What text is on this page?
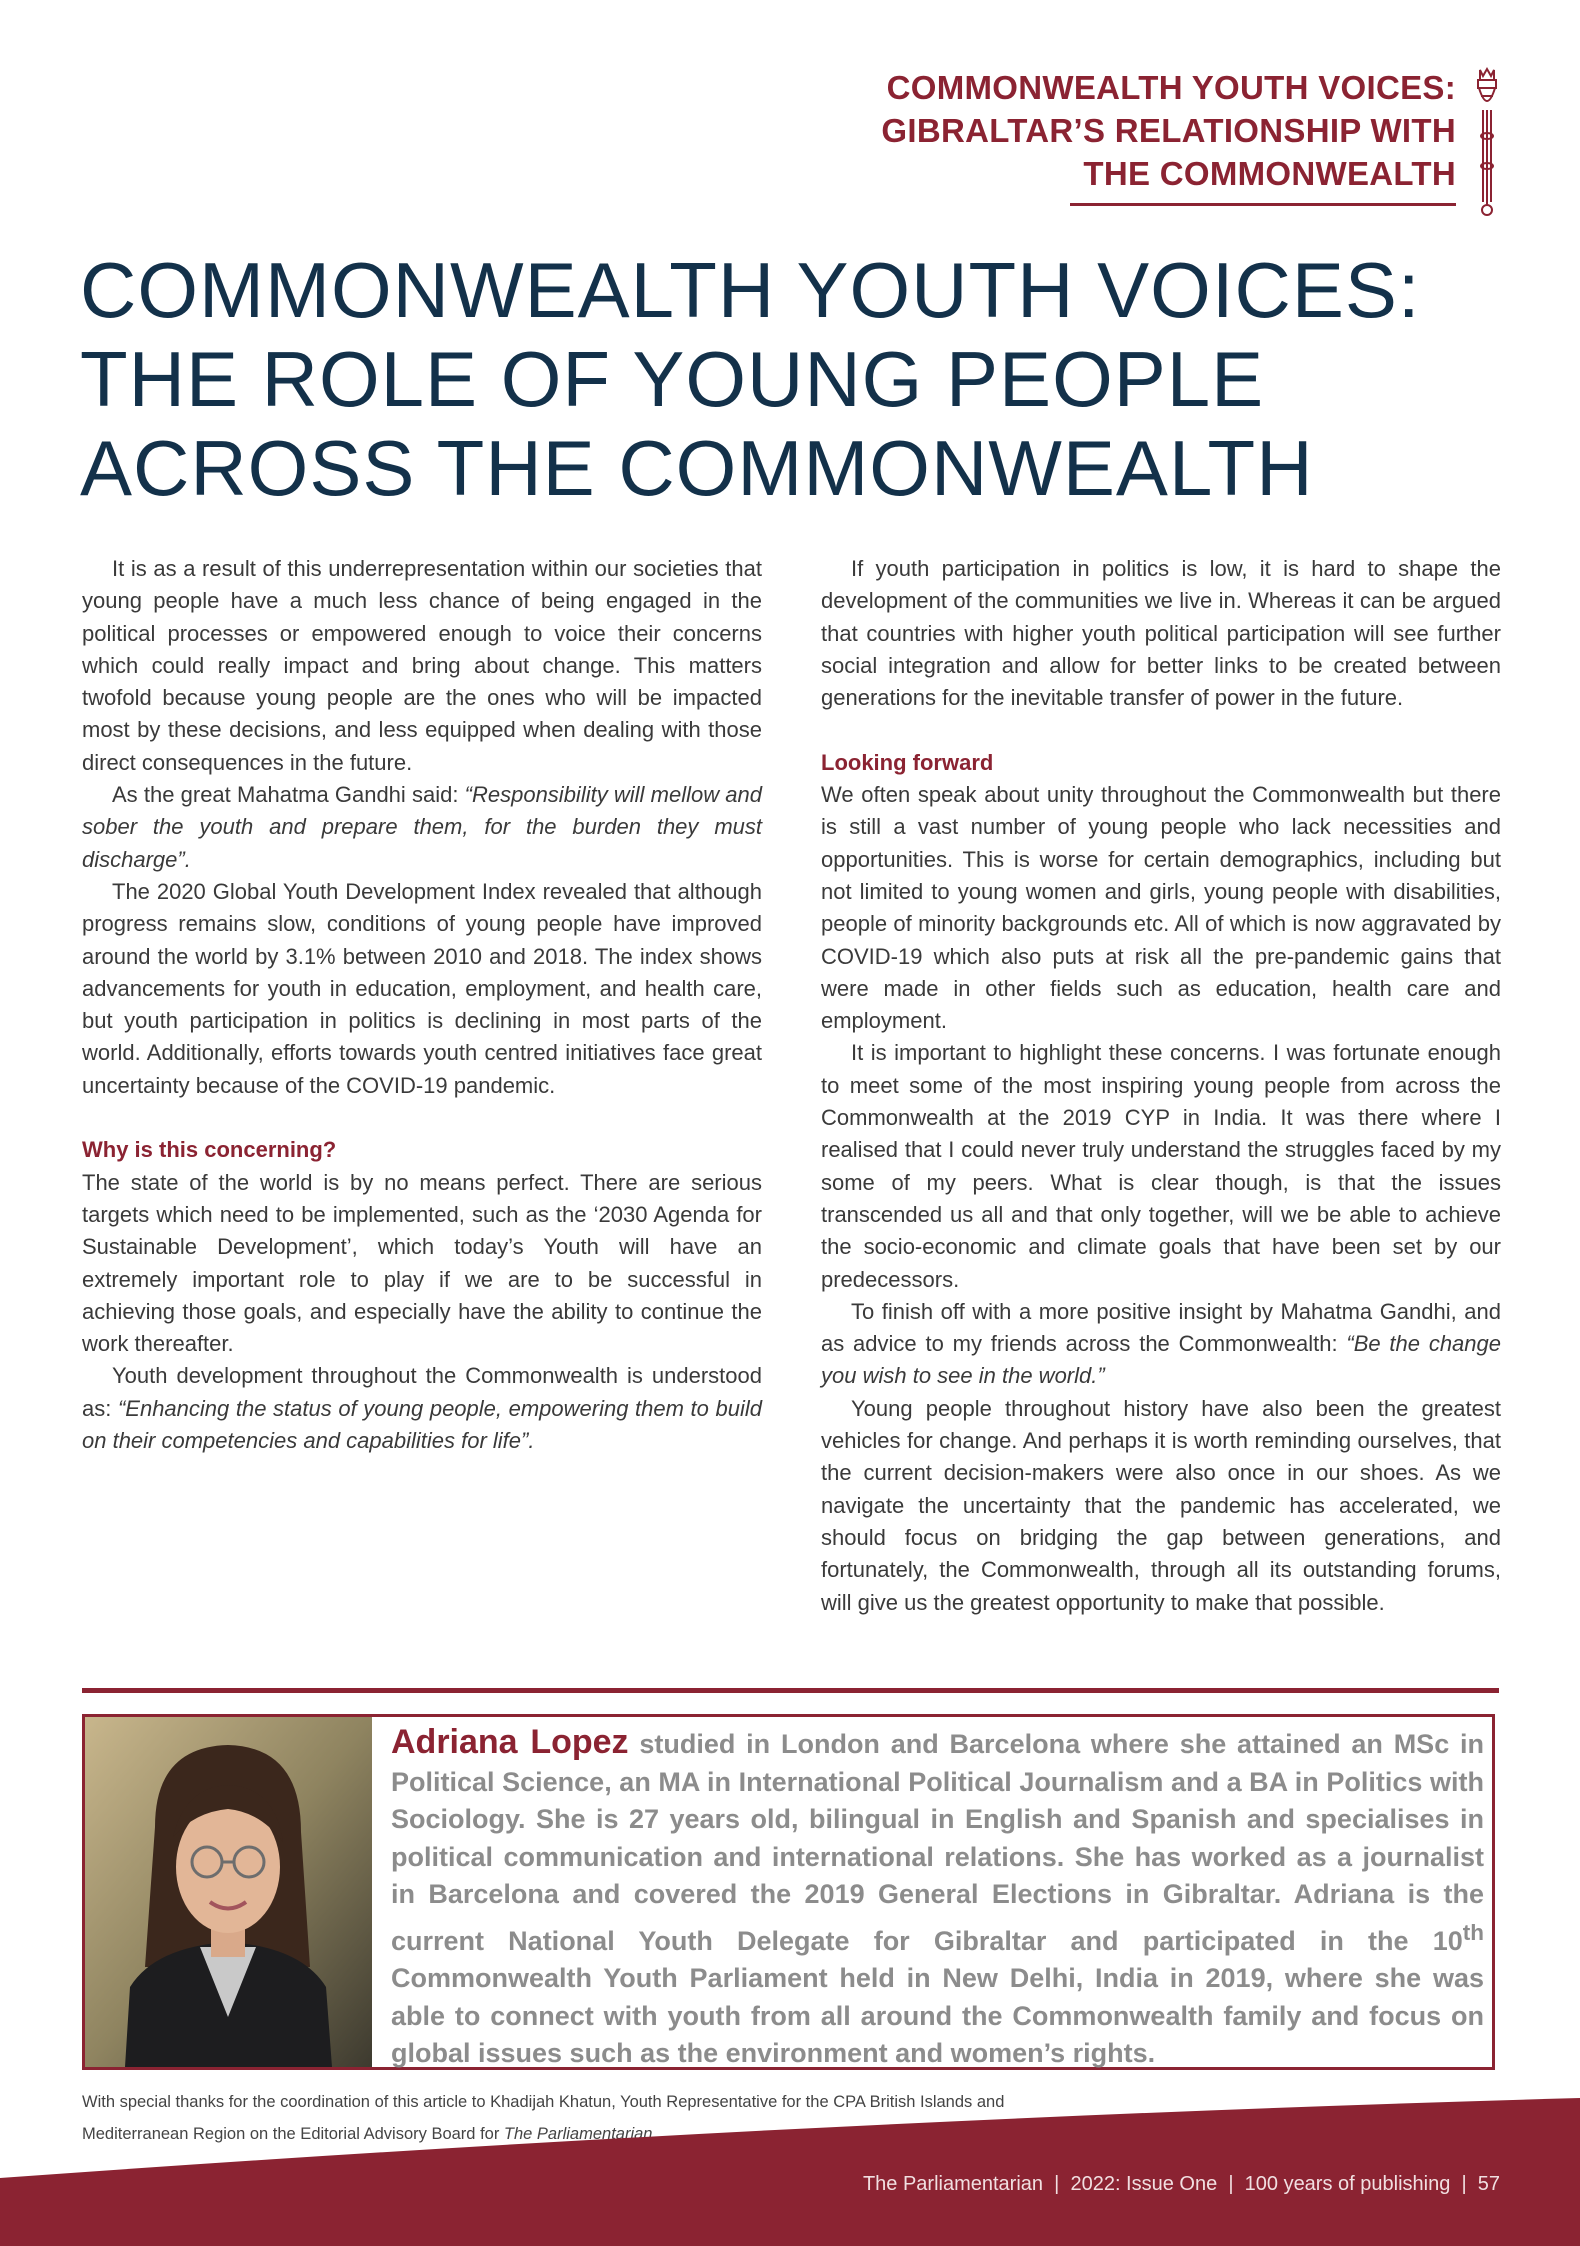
COMMONWEALTH YOUTH VOICES:
GIBRALTAR’S RELATIONSHIP WITH
THE COMMONWEALTH
COMMONWEALTH YOUTH VOICES:
THE ROLE OF YOUNG PEOPLE
ACROSS THE COMMONWEALTH

It is as a result of this underrepresentation within our societies that young people have a much less chance of being engaged in the political processes or empowered enough to voice their concerns which could really impact and bring about change. This matters twofold because young people are the ones who will be impacted most by these decisions, and less equipped when dealing with those direct consequences in the future.

As the great Mahatma Gandhi said: “Responsibility will mellow and sober the youth and prepare them, for the burden they must discharge”.

The 2020 Global Youth Development Index revealed that although progress remains slow, conditions of young people have improved around the world by 3.1% between 2010 and 2018. The index shows advancements for youth in education, employment, and health care, but youth participation in politics is declining in most parts of the world. Additionally, efforts towards youth centred initiatives face great uncertainty because of the COVID-19 pandemic.

Why is this concerning?

The state of the world is by no means perfect. There are serious targets which need to be implemented, such as the ‘2030 Agenda for Sustainable Development’, which today’s Youth will have an extremely important role to play if we are to be successful in achieving those goals, and especially have the ability to continue the work thereafter.

Youth development throughout the Commonwealth is understood as: “Enhancing the status of young people, empowering them to build on their competencies and capabilities for life”.

If youth participation in politics is low, it is hard to shape the development of the communities we live in. Whereas it can be argued that countries with higher youth political participation will see further social integration and allow for better links to be created between generations for the inevitable transfer of power in the future.

Looking forward

We often speak about unity throughout the Commonwealth but there is still a vast number of young people who lack necessities and opportunities. This is worse for certain demographics, including but not limited to young women and girls, young people with disabilities, people of minority backgrounds etc. All of which is now aggravated by COVID-19 which also puts at risk all the pre-pandemic gains that were made in other fields such as education, health care and employment.

It is important to highlight these concerns. I was fortunate enough to meet some of the most inspiring young people from across the Commonwealth at the 2019 CYP in India. It was there where I realised that I could never truly understand the struggles faced by my some of my peers. What is clear though, is that the issues transcended us all and that only together, will we be able to achieve the socio-economic and climate goals that have been set by our predecessors.

To finish off with a more positive insight by Mahatma Gandhi, and as advice to my friends across the Commonwealth: “Be the change you wish to see in the world.”

Young people throughout history have also been the greatest vehicles for change. And perhaps it is worth reminding ourselves, that the current decision-makers were also once in our shoes. As we navigate the uncertainty that the pandemic has accelerated, we should focus on bridging the gap between generations, and fortunately, the Commonwealth, through all its outstanding forums, will give us the greatest opportunity to make that possible.

Adriana Lopez studied in London and Barcelona where she attained an MSc in Political Science, an MA in International Political Journalism and a BA in Politics with Sociology. She is 27 years old, bilingual in English and Spanish and specialises in political communication and international relations. She has worked as a journalist in Barcelona and covered the 2019 General Elections in Gibraltar. Adriana is the current National Youth Delegate for Gibraltar and participated in the 10th Commonwealth Youth Parliament held in New Delhi, India in 2019, where she was able to connect with youth from all around the Commonwealth family and focus on global issues such as the environment and women’s rights.
With special thanks for the coordination of this article to Khadijah Khatun, Youth Representative for the CPA British Islands and Mediterranean Region on the Editorial Advisory Board for The Parliamentarian.
The Parliamentarian  |  2022: Issue One  |  100 years of publishing  |  57
